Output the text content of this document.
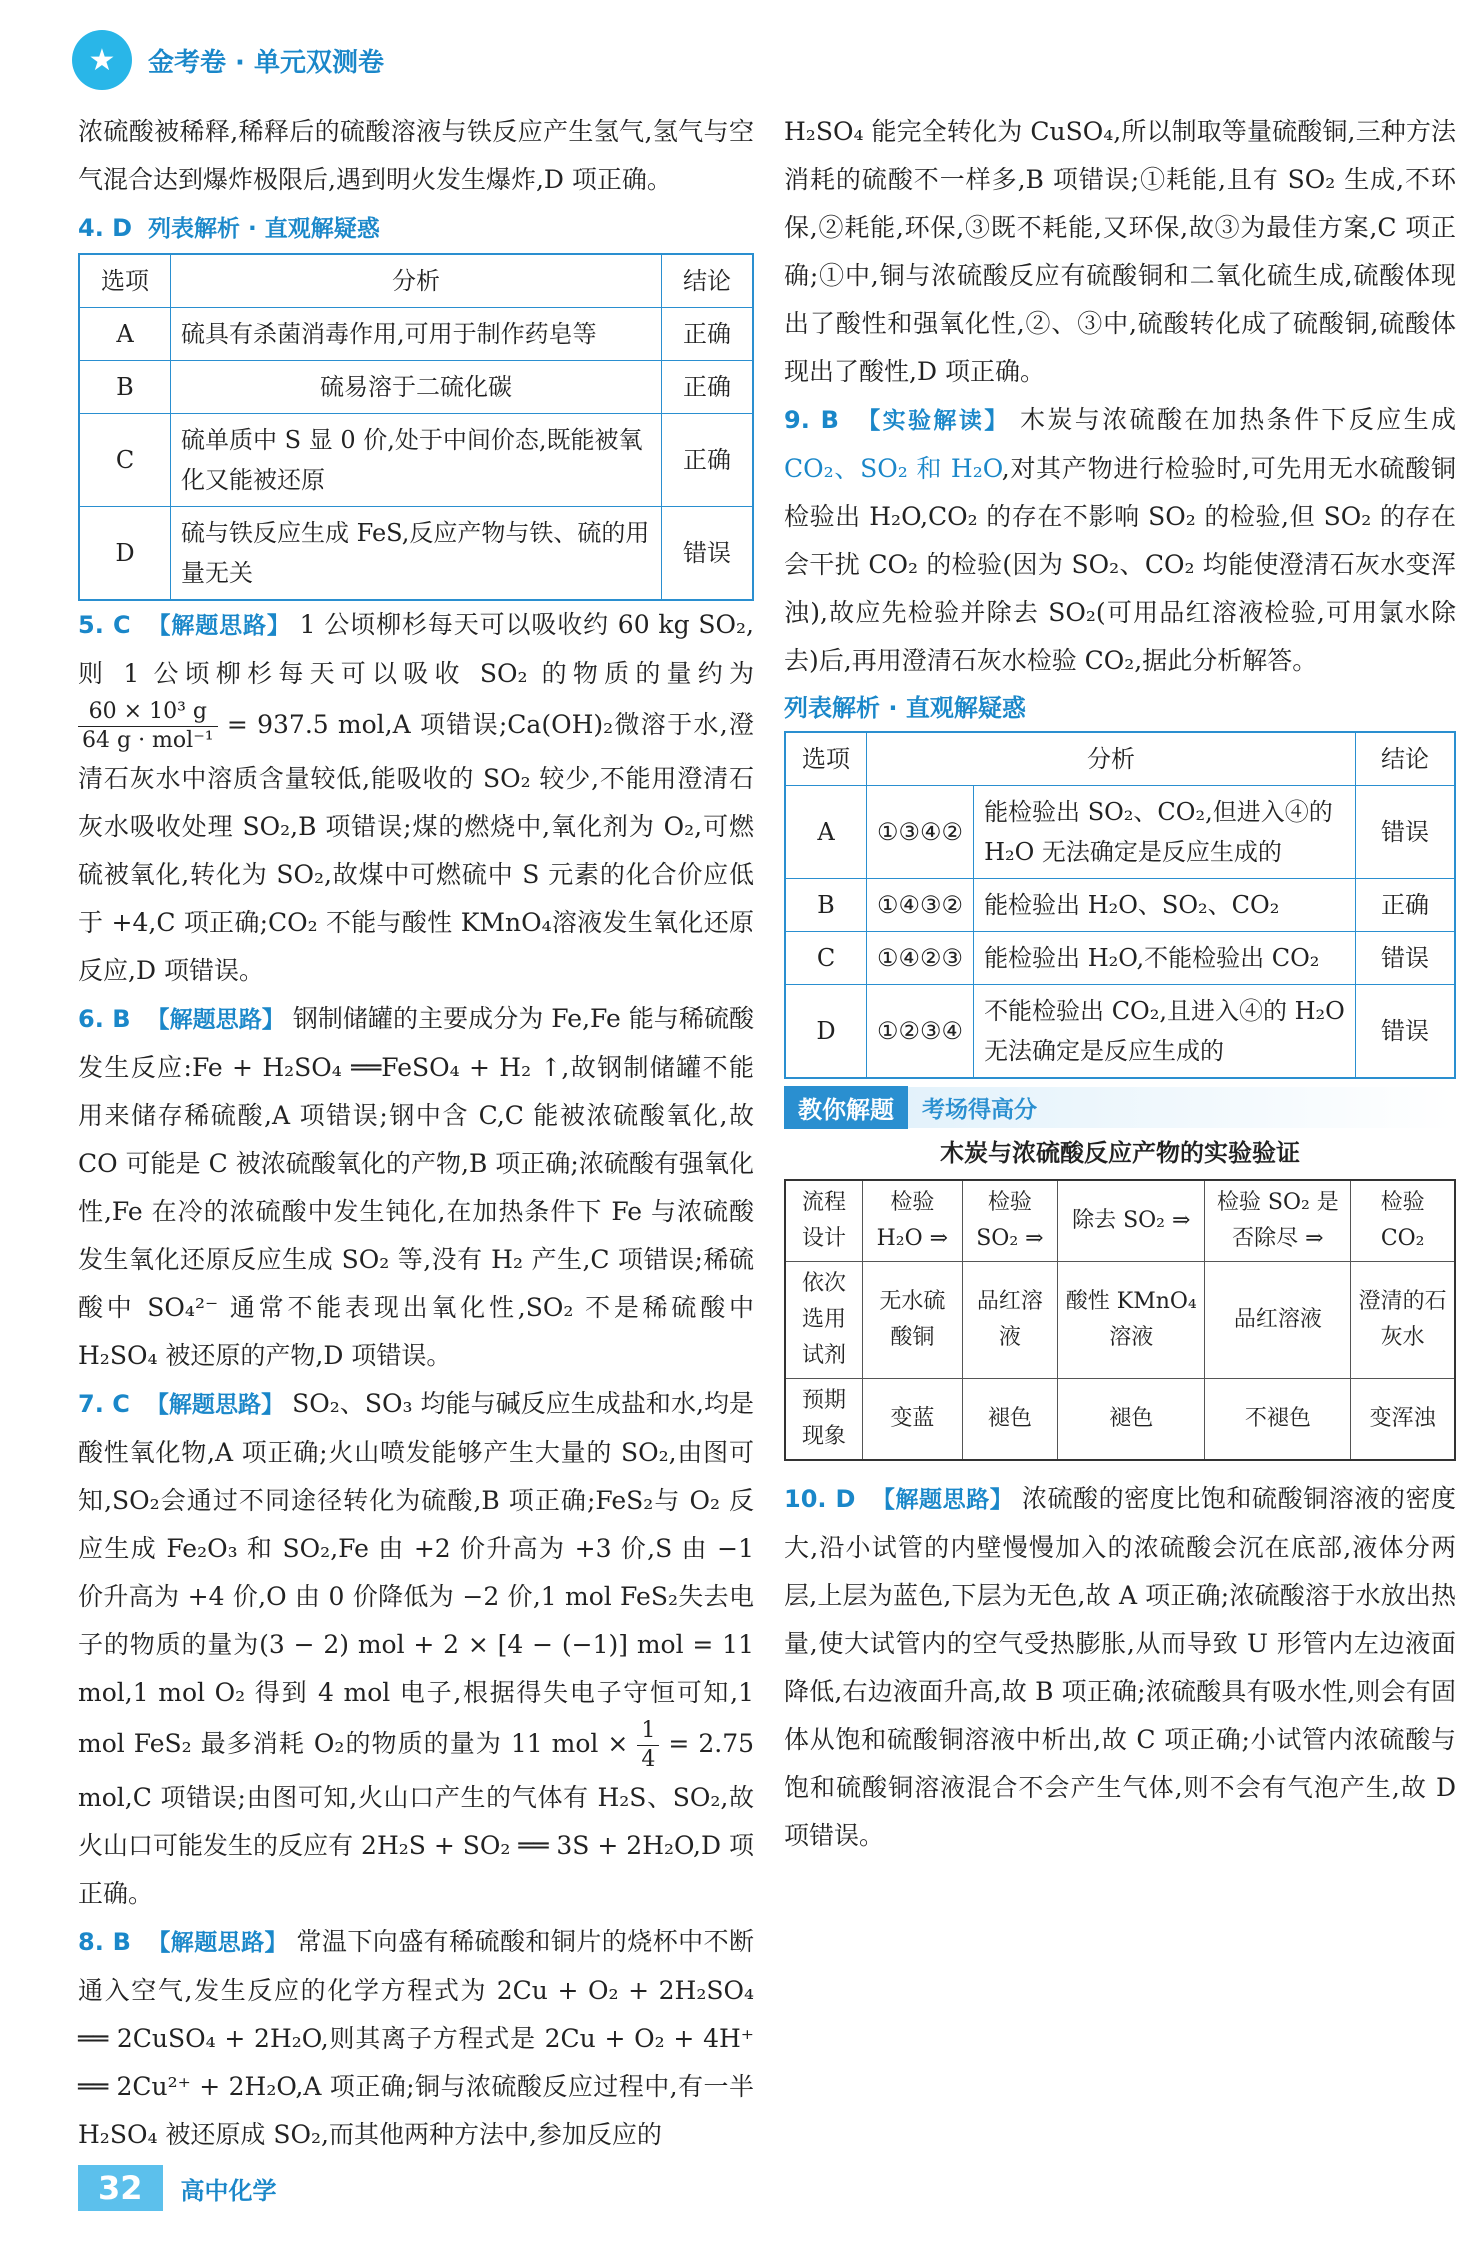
★	金考卷 · 单元双测卷

浓硫酸被稀释,稀释后的硫酸溶液与铁反应产生氢气,氢气与空气混合达到爆炸极限后,遇到明火发生爆炸,D 项正确。

4. D 列表解析 · 直观解疑惑

选项	分析	结论
A	硫具有杀菌消毒作用,可用于制作药皂等	正确
B	硫易溶于二硫化碳	正确
C	硫单质中 S 显 0 价,处于中间价态,既能被氧化又能被还原	正确
D	硫与铁反应生成 FeS,反应产物与铁、硫的用量无关	错误

5. C 【解题思路】 1 公顷柳杉每天可以吸收约 60 kg SO₂,则 1 公顷柳杉每天可以吸收 SO₂ 的物质的量约为
$\frac{\text{60 × 10³ g}}{\text{64 g · mol⁻¹}} = 937.5$ mol,A 项错误;Ca(OH)₂微溶于水,澄清石灰水中溶质含量较低,能吸收的 SO₂ 较少,不能用澄清石灰水吸收处理 SO₂,B 项错误;煤的燃烧中,氧化剂为 O₂,可燃硫被氧化,转化为 SO₂,故煤中可燃硫中 S 元素的化合价应低于 +4,C 项正确;CO₂ 不能与酸性 KMnO₄溶液发生氧化还原反应,D 项错误。

6. B 【解题思路】 钢制储罐的主要成分为 Fe,Fe 能与稀硫酸发生反应:Fe + H₂SO₄ ══FeSO₄ + H₂ ↑,故钢制储罐不能用来储存稀硫酸,A 项错误;钢中含 C,C 能被浓硫酸氧化,故 CO 可能是 C 被浓硫酸氧化的产物,B 项正确;浓硫酸有强氧化性,Fe 在冷的浓硫酸中发生钝化,在加热条件下 Fe 与浓硫酸发生氧化还原反应生成 SO₂ 等,没有 H₂ 产生,C 项错误;稀硫酸中 SO₄²⁻ 通常不能表现出氧化性,SO₂ 不是稀硫酸中 H₂SO₄ 被还原的产物,D 项错误。

7. C 【解题思路】 SO₂、SO₃ 均能与碱反应生成盐和水,均是酸性氧化物,A 项正确;火山喷发能够产生大量的 SO₂,由图可知,SO₂会通过不同途径转化为硫酸,B 项正确;FeS₂与 O₂ 反应生成 Fe₂O₃ 和 SO₂,Fe 由 +2 价升高为 +3 价,S 由 −1 价升高为 +4 价,O 由 0 价降低为 −2 价,1 mol FeS₂失去电子的物质的量为(3 − 2) mol + 2 × [4 − (−1)] mol = 11 mol,1 mol O₂ 得到 4 mol 电子,根据得失电子守恒可知,1 mol FeS₂ 最多消耗 O₂的物质的量为 11 mol × $\frac{1}{4} = 2.75$ mol,C 项错误;由图可知,火山口产生的气体有 H₂S、SO₂,故火山口可能发生的反应有 2H₂S + SO₂ ══ 3S + 2H₂O,D 项正确。

8. B 【解题思路】 常温下向盛有稀硫酸和铜片的烧杯中不断通入空气,发生反应的化学方程式为 2Cu + O₂ + 2H₂SO₄ ══ 2CuSO₄ + 2H₂O,则其离子方程式是 2Cu + O₂ + 4H⁺ ══ 2Cu²⁺ + 2H₂O,A 项正确;铜与浓硫酸反应过程中,有一半 H₂SO₄ 被还原成 SO₂,而其他两种方法中,参加反应的

H₂SO₄ 能完全转化为 CuSO₄,所以制取等量硫酸铜,三种方法消耗的硫酸不一样多,B 项错误;①耗能,且有 SO₂ 生成,不环保,②耗能,环保,③既不耗能,又环保,故③为最佳方案,C 项正确;①中,铜与浓硫酸反应有硫酸铜和二氧化硫生成,硫酸体现出了酸性和强氧化性,②、③中,硫酸转化成了硫酸铜,硫酸体现出了酸性,D 项正确。

9. B 【实验解读】 木炭与浓硫酸在加热条件下反应生成CO₂、SO₂ 和 H₂O,对其产物进行检验时,可先用无水硫酸铜检验出 H₂O,CO₂ 的存在不影响 SO₂ 的检验,但 SO₂ 的存在会干扰 CO₂ 的检验(因为 SO₂、CO₂ 均能使澄清石灰水变浑浊),故应先检验并除去 SO₂(可用品红溶液检验,可用氯水除去)后,再用澄清石灰水检验 CO₂,据此分析解答。

列表解析 · 直观解疑惑

选项	分析		结论
A	①③④②	能检验出 SO₂、CO₂,但进入④的 H₂O 无法确定是反应生成的	错误
B	①④③②	能检验出 H₂O、SO₂、CO₂	正确
C	①④②③	能检验出 H₂O,不能检验出 CO₂	错误
D	①②③④	不能检验出 CO₂,且进入④的 H₂O 无法确定是反应生成的	错误
教你解题	考场得高分

木炭与浓硫酸反应产物的实验验证

流程设计	检验 H₂O ⇒	检验 SO₂ ⇒	除去 SO₂ ⇒	检验 SO₂ 是否除尽 ⇒	检验 CO₂
依次选用试剂	无水硫酸铜	品红溶液	酸性 KMnO₄ 溶液	品红溶液	澄清的石灰水
预期现象	变蓝	褪色	褪色	不褪色	变浑浊

10. D 【解题思路】 浓硫酸的密度比饱和硫酸铜溶液的密度大,沿小试管的内壁慢慢加入的浓硫酸会沉在底部,液体分两层,上层为蓝色,下层为无色,故 A 项正确;浓硫酸溶于水放出热量,使大试管内的空气受热膨胀,从而导致 U 形管内左边液面降低,右边液面升高,故 B 项正确;浓硫酸具有吸水性,则会有固体从饱和硫酸铜溶液中析出,故 C 项正确;小试管内浓硫酸与饱和硫酸铜溶液混合不会产生气体,则不会有气泡产生,故 D 项错误。

32	高中化学
